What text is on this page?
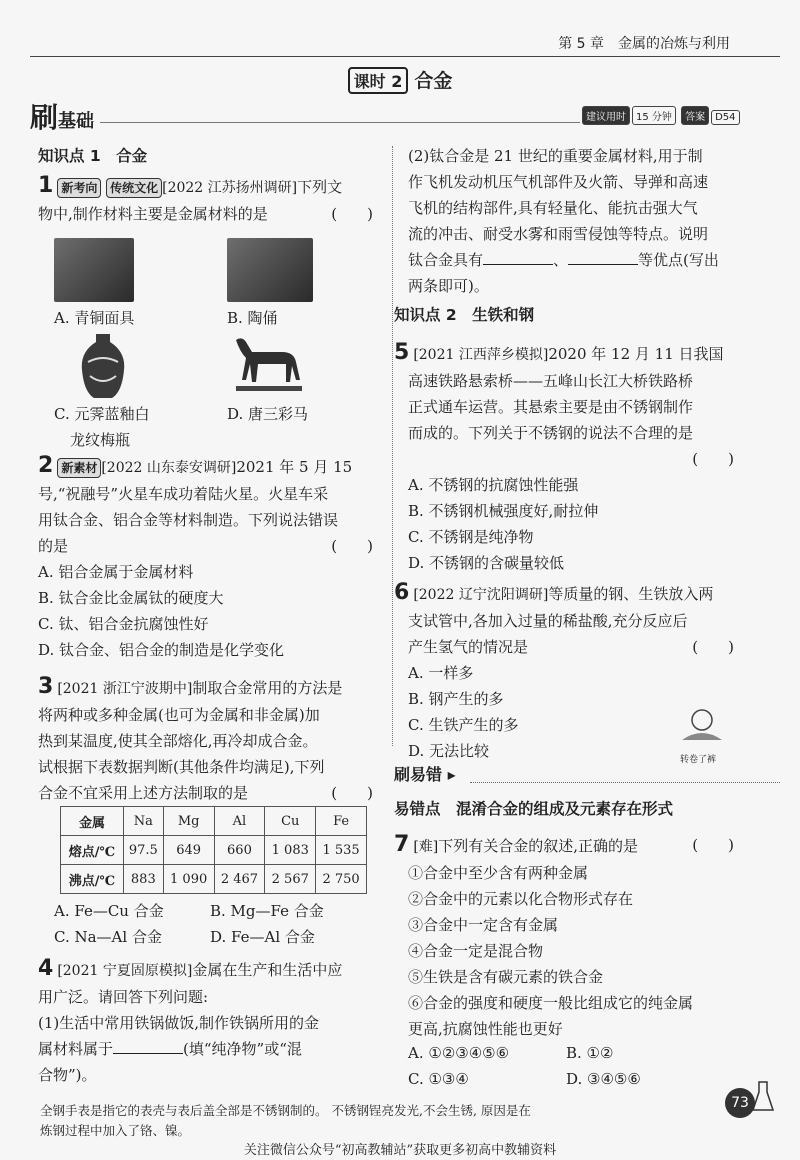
第 5 章　金属的冶炼与利用
课时 2 合金
刷基础	建议用时 15 分钟 答案 D54
知识点 1　合金
1 新考向 传统文化 [2022 江苏扬州调研]下列文
物中,制作材料主要是金属材料的是	(　　)
A. 青铜面具	B. 陶俑
C. 元霁蓝釉白
龙纹梅瓶
D. 唐三彩马
2 新素材 [2022 山东泰安调研]2021 年 5 月 15
号,“祝融号”火星车成功着陆火星。火星车采
用钛合金、铝合金等材料制造。下列说法错误
的是	(　　)

A. 铝合金属于金属材料
B. 钛合金比金属钛的硬度大
C. 钛、铝合金抗腐蚀性好
D. 钛合金、铝合金的制造是化学变化
3 [2021 浙江宁波期中]制取合金常用的方法是
将两种或多种金属(也可为金属和非金属)加
热到某温度,使其全部熔化,再冷却成合金。
试根据下表数据判断(其他条件均满足),下列
合金不宜采用上述方法制取的是	(　　)
金属	Na	Mg	Al	Cu	Fe
熔点/℃	97.5	649	660	1 083	1 535
沸点/℃	883	1 090	2 467	2 567	2 750
A. Fe—Cu 合金	B. Mg—Fe 合金
C. Na—Al 合金	D. Fe—Al 合金
4 [2021 宁夏固原模拟]金属在生产和生活中应
用广泛。请回答下列问题:
(1)生活中常用铁锅做饭,制作铁锅所用的金
属材料属于	(填“纯净物”或“混
合物”)。
(2)钛合金是 21 世纪的重要金属材料,用于制
作飞机发动机压气机部件及火箭、导弹和高速
飞机的结构部件,具有轻量化、能抗击强大气
流的冲击、耐受水雾和雨雪侵蚀等特点。说明
钛合金具有	、	等优点(写出
两条即可)。
知识点 2　生铁和钢
5 [2021 江西萍乡模拟]2020 年 12 月 11 日我国
高速铁路悬索桥——五峰山长江大桥铁路桥
正式通车运营。其悬索主要是由不锈钢制作
而成的。下列关于不锈钢的说法不合理的是

(　　)

A. 不锈钢的抗腐蚀性能强
B. 不锈钢机械强度好,耐拉伸
C. 不锈钢是纯净物
D. 不锈钢的含碳量较低
6 [2022 辽宁沈阳调研]等质量的钢、生铁放入两
支试管中,各加入过量的稀盐酸,充分反应后
产生氢气的情况是	(　　)

A. 一样多
B. 钢产生的多
C. 生铁产生的多
D. 无法比较	转卷了裤
刷易错 ▸
易错点　混淆合金的组成及元素存在形式
7 [难]下列有关合金的叙述,正确的是	(　　)

①合金中至少含有两种金属
②合金中的元素以化合物形式存在
③合金中一定含有金属
④合金一定是混合物
⑤生铁是含有碳元素的铁合金
⑥合金的强度和硬度一般比组成它的纯金属
更高,抗腐蚀性能也更好
A. ①②③④⑤⑥	B. ①②
C. ①③④	D. ③④⑤⑥
全钢手表是指它的表壳与表后盖全部是不锈钢制的。 不锈钢锃亮发光,不会生锈, 原因是在
炼钢过程中加入了铬、镍。
73
关注微信公众号“初高教辅站”获取更多初高中教辅资料
